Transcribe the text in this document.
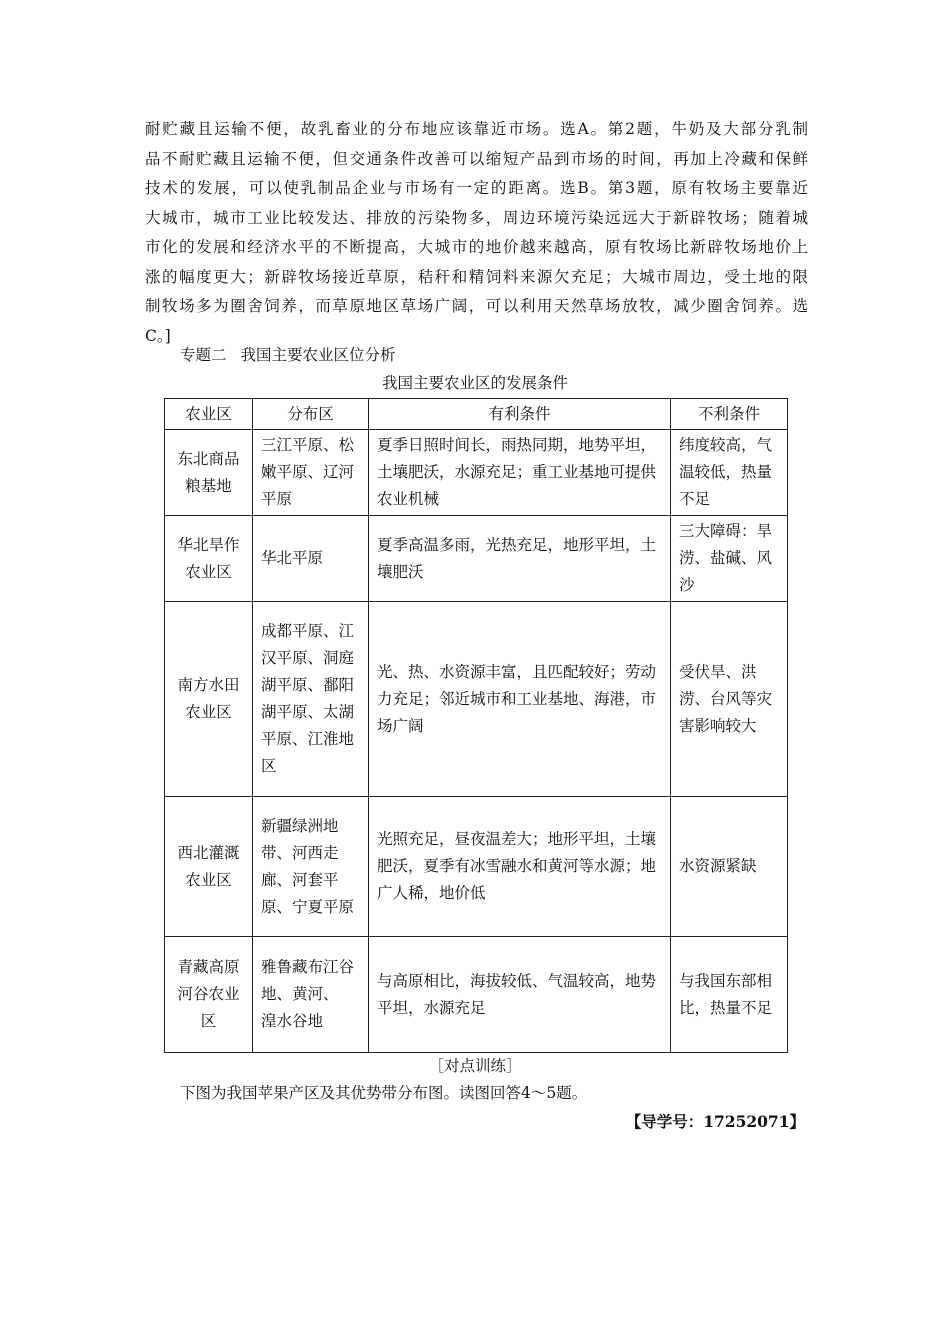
耐贮藏且运输不便，故乳畜业的分布地应该靠近市场。选A。第2题，牛奶及大部分乳制
品不耐贮藏且运输不便，但交通条件改善可以缩短产品到市场的时间，再加上冷藏和保鲜
技术的发展，可以使乳制品企业与市场有一定的距离。选B。第3题，原有牧场主要靠近
大城市，城市工业比较发达、排放的污染物多，周边环境污染远远大于新辟牧场；随着城
市化的发展和经济水平的不断提高，大城市的地价越来越高，原有牧场比新辟牧场地价上
涨的幅度更大；新辟牧场接近草原，秸秆和精饲料来源欠充足；大城市周边，受土地的限
制牧场多为圈舍饲养，而草原地区草场广阔，可以利用天然草场放牧，减少圈舍饲养。选
C。]
专题二 我国主要农业区位分析
我国主要农业区的发展条件
农业区	分布区	有利条件	不利条件
东北商品粮基地	三江平原、松嫩平原、辽河平原	夏季日照时间长，雨热同期，地势平坦，土壤肥沃，水源充足；重工业基地可提供农业机械	纬度较高，气温较低，热量不足
华北旱作农业区	华北平原	夏季高温多雨，光热充足，地形平坦，土壤肥沃	三大障碍：旱涝、盐碱、风沙
南方水田农业区	成都平原、江汉平原、洞庭湖平原、鄱阳湖平原、太湖平原、江淮地区	光、热、水资源丰富，且匹配较好；劳动力充足；邻近城市和工业基地、海港，市场广阔	受伏旱、洪涝、台风等灾害影响较大
西北灌溉农业区	新疆绿洲地带、河西走廊、河套平原、宁夏平原	光照充足，昼夜温差大；地形平坦，土壤肥沃，夏季有冰雪融水和黄河等水源；地广人稀，地价低	水资源紧缺
青藏高原河谷农业区	雅鲁藏布江谷地、黄河、　湟水谷地	与高原相比，海拔较低、气温较高，地势平坦，水源充足	与我国东部相比，热量不足
［对点训练］
下图为我国苹果产区及其优势带分布图。读图回答4～5题。
【导学号：17252071】
